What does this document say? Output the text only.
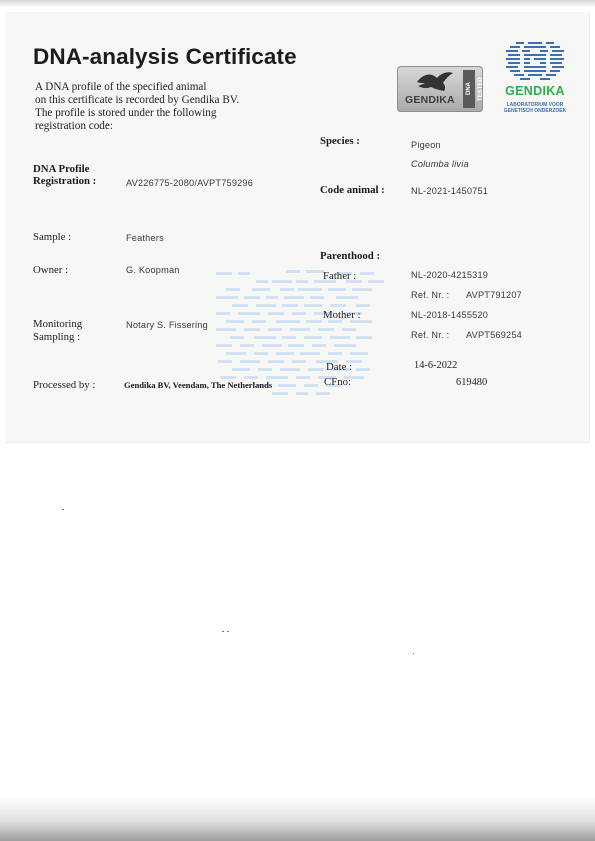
DNA-analysis Certificate
A DNA profile of the specified animal
on this certificate is recorded by Gendika BV.
The profile is stored under the following
registration code:
GENDIKA
DNA TESTED GENDIKA
LABORATORIUM VOOR
GENETISCH ONDERZOEK
DNA Profile
Registration :	AV226775-2080/AVPT759296
Sample :	Feathers
Owner :	G. Koopman
Monitoring
Sampling :
Notary S. Fissering
Processed by :	Gendika BV, Veendam, The Netherlands
Species :	Pigeon
Columba livia
Code animal :	NL-2021-1450751
Parenthood :
Father :	NL-2020-4215319
Ref. Nr. : AVPT791207
Mother :	NL-2018-1455520
Ref. Nr. : AVPT569254
Date :	14-6-2022
CFno:	619480
